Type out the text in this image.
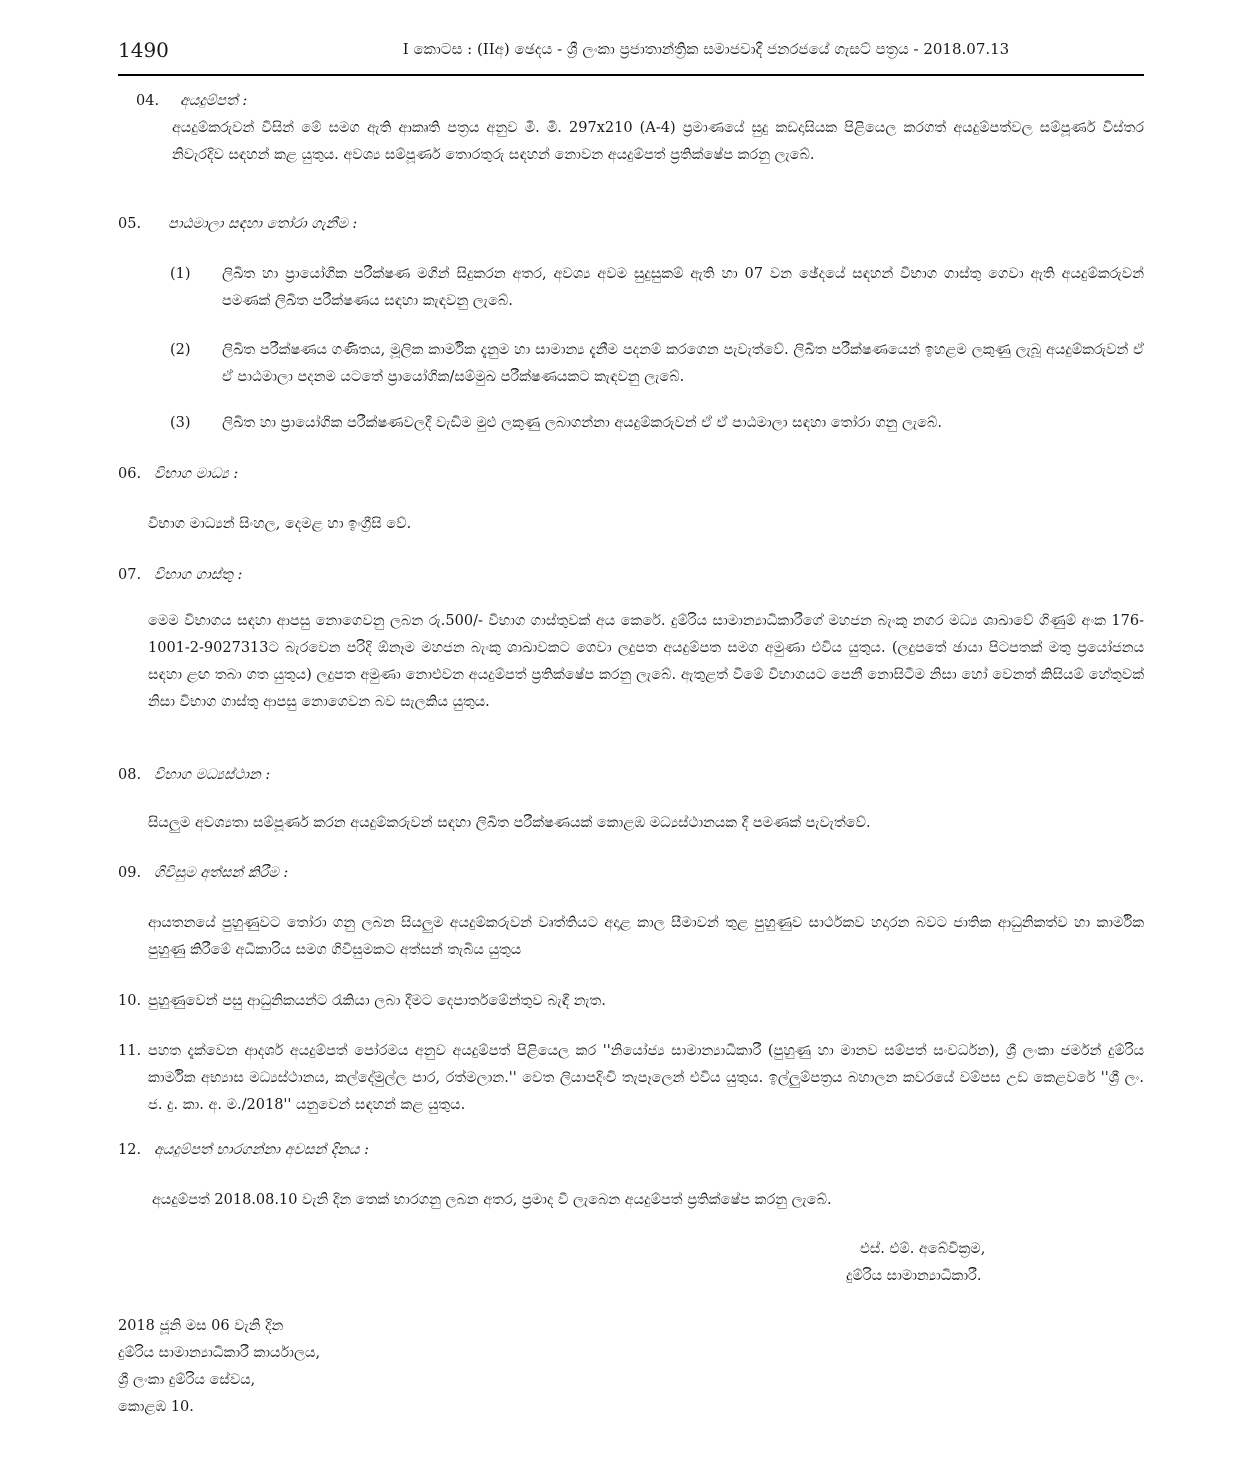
1490	I කොටස : (IIඅ) ඡෙදය - ශ්‍රී ලංකා ප්‍රජාතාන්ත්‍රික සමාජවාදී ජනරජයේ ගැසට් පත්‍රය - 2018.07.13
04. අයදුම්පත් :
අයදුම්කරුවන් විසින් මේ සමග ඇති ආකෘති පත්‍රය අනුව මි. මි. 297x210 (A-4) ප්‍රමාණයේ සුදු කඩදාසියක පිළියෙල කරගත් අයදුම්පත්වල සම්පූර්ණ විස්තර නිවැරදිව සඳහන් කළ යුතුය. අවශ්‍ය සම්පූර්ණ තොරතුරු සඳහන් නොවන අයදුම්පත් ප්‍රතික්ෂේප කරනු ලැබේ.
05. පාඨමාලා සඳහා තෝරා ගැනීම :
(1) ලිඛිත හා ප්‍රායෝගික පරීක්ෂණ මගින් සිදුකරන අතර, අවශ්‍ය අවම සුදුසුකම් ඇති හා 07 වන ඡේදයේ සඳහන් විභාග ගාස්තු ගෙවා ඇති අයදුම්කරුවන් පමණක් ලිඛිත පරීක්ෂණය සඳහා කැඳවනු ලැබේ.
(2) ලිඛිත පරීක්ෂණය ගණිතය, මූලික කාර්මික දැනුම හා සාමාන්‍ය දැනීම පදනම් කරගෙන පැවැත්වේ. ලිඛිත පරීක්ෂණයෙන් ඉහළම ලකුණු ලැබූ අයදුම්කරුවන් ඒ ඒ පාඨමාලා පදනම යටතේ ප්‍රායෝගික/සම්මුඛ පරීක්ෂණයකට කැඳවනු ලැබේ.
(3) ලිඛිත හා ප්‍රායෝගික පරීක්ෂණවලදී වැඩිම මුළු ලකුණු ලබාගන්නා අයදුම්කරුවන් ඒ ඒ පාඨමාලා සඳහා තෝරා ගනු ලැබේ.
06. විභාග මාධ්‍ය :
විභාග මාධ්‍යන් සිංහල, දෙමළ හා ඉංග්‍රීසි වේ.
07. විභාග ගාස්තු :
මෙම විභාගය සඳහා ආපසු නොගෙවනු ලබන රු.500/- විභාග ගාස්තුවක් අය කෙරේ. දුම්රිය සාමාන්‍යාධිකාරීගේ මහජන බැංකු නගර මධ්‍ය ශාඛාවේ ගිණුම් අංක 176-1001-2-9027313ට බැරවෙන පරිදි ඕනෑම මහජන බැංකු ශාඛාවකට ගෙවා ලදුපත අයදුම්පත සමග අමුණා එවිය යුතුය. (ලදුපතේ ඡායා පිටපතක් මතු ප්‍රයෝජනය සඳහා ළඟ තබා ගත යුතුය) ලදුපත අමුණා නොඑවන අයදුම්පත් ප්‍රතික්ෂේප කරනු ලැබේ. ඇතුළත් වීමේ විභාගයට පෙනී නොසිටීම නිසා හෝ වෙනත් කිසියම් හේතුවක් නිසා විභාග ගාස්තු ආපසු නොගෙවන බව සැලකිය යුතුය.
08. විභාග මධ්‍යස්ථාන :
සියලුම අවශ්‍යතා සම්පූර්ණ කරන අයදුම්කරුවන් සඳහා ලිඛිත පරීක්ෂණයක් කොළඹ මධ්‍යස්ථානයක දී පමණක් පැවැත්වේ.
09. ගිවිසුම අත්සන් කිරීම :
ආයතනයේ පුහුණුවට තෝරා ගනු ලබන සියලුම අයදුම්කරුවන් වෘත්තියට අදාළ කාල සීමාවන් තුළ පුහුණුව සාර්ථකව හදාරන බවට ජාතික ආධුනිකත්ව හා කාර්මික පුහුණු කිරීමේ අධිකාරිය සමග ගිවිසුමකට අත්සන් තැබිය යුතුය
10. පුහුණුවෙන් පසු ආධුනිකයන්ට රැකියා ලබා දීමට දෙපාර්තමේන්තුව බැඳී නැත.
11. පහත දැක්වෙන ආදර්ශ අයදුම්පත් පෝරමය අනුව අයදුම්පත් පිළියෙල කර ''නියෝජ්‍ය සාමාන්‍යාධිකාරී (පුහුණු හා මානව සම්පත් සංවර්ධන), ශ්‍රී ලංකා ජර්මන් දුම්රිය කාර්මික අභ්‍යාස මධ්‍යස්ථානය, කල්දේමුල්ල පාර, රත්මලාන.'' වෙත ලියාපදිංචි තැපෑලෙන් එවිය යුතුය. ඉල්ලුම්පත්‍රය බහාලන කවරයේ වම්පස උඩ කෙළවරේ ''ශ්‍රී ලං. ජ. දු. කා. අ. ම./2018'' යනුවෙන් සඳහන් කළ යුතුය.
12. අයදුම්පත් භාරගන්නා අවසන් දිනය :
අයදුම්පත් 2018.08.10 වැනි දින තෙක් භාරගනු ලබන අතර, ප්‍රමාද වී ලැබෙන අයදුම්පත් ප්‍රතික්ෂේප කරනු ලැබේ.
එස්. එම්. අබේවික්‍රම,
දුම්රිය සාමාන්‍යාධිකාරී.
2018 ජූනි මස 06 වැනි දින
දුම්රිය සාමාන්‍යාධිකාරී කාර්යාලය,
ශ්‍රී ලංකා දුම්රිය සේවය,
කොළඹ 10.
